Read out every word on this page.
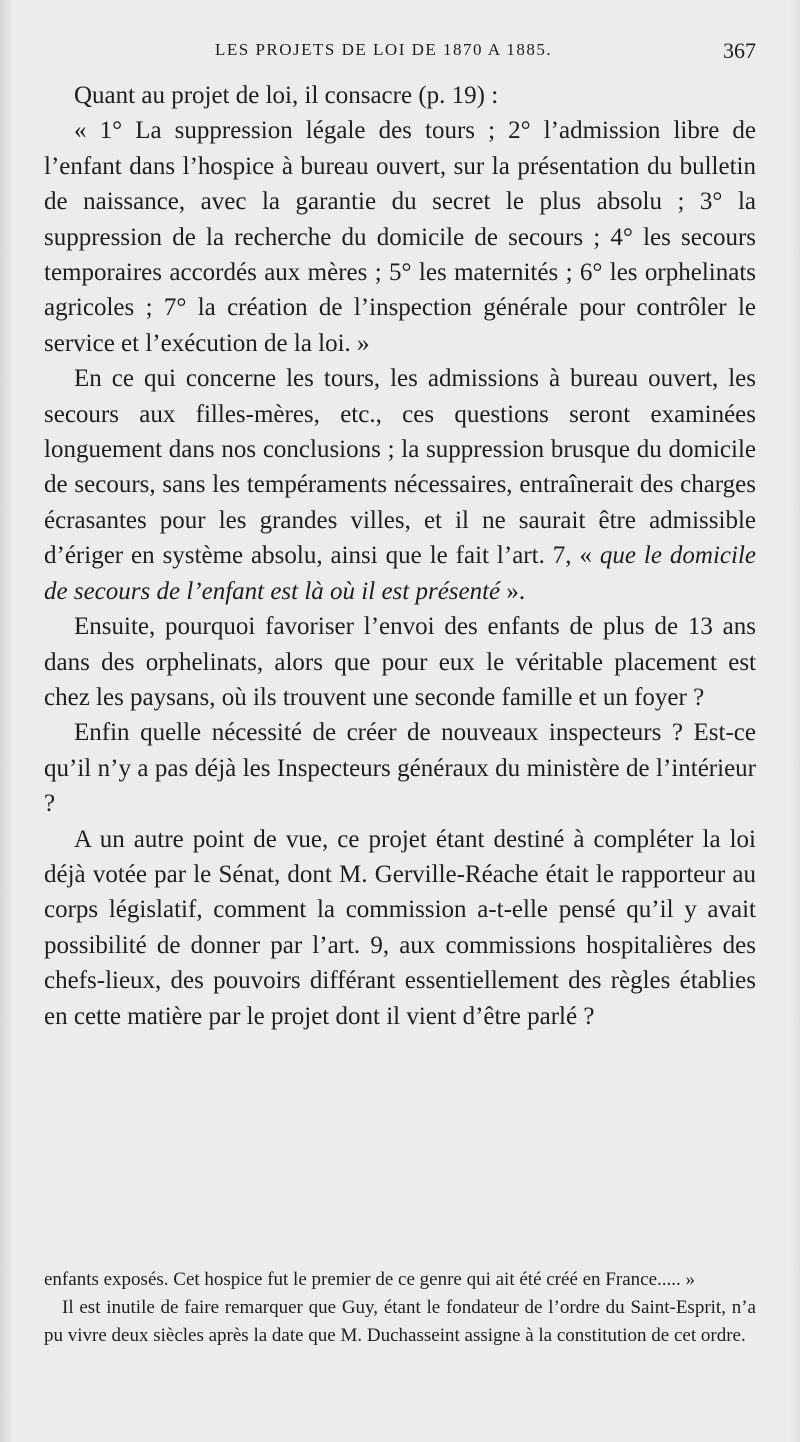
LES PROJETS DE LOI DE 1870 A 1885.	367

Quant au projet de loi, il consacre (p. 19) :

« 1° La suppression légale des tours ; 2° l’admission libre de l’enfant dans l’hospice à bureau ouvert, sur la présentation du bulletin de naissance, avec la garantie du secret le plus absolu ; 3° la suppression de la recherche du domicile de secours ; 4° les secours temporaires accordés aux mères ; 5° les maternités ; 6° les orphelinats agricoles ; 7° la création de l’inspection générale pour contrôler le service et l’exécution de la loi. »

En ce qui concerne les tours, les admissions à bureau ouvert, les secours aux filles-mères, etc., ces questions seront examinées longuement dans nos conclusions ; la suppression brusque du domicile de secours, sans les tempéraments nécessaires, entraînerait des charges écrasantes pour les grandes villes, et il ne saurait être admissible d’ériger en système absolu, ainsi que le fait l’art. 7, « que le domicile de secours de l’enfant est là où il est présenté ».

Ensuite, pourquoi favoriser l’envoi des enfants de plus de 13 ans dans des orphelinats, alors que pour eux le véritable placement est chez les paysans, où ils trouvent une seconde famille et un foyer ?

Enfin quelle nécessité de créer de nouveaux inspecteurs ? Est-ce qu’il n’y a pas déjà les Inspecteurs généraux du ministère de l’intérieur ?

A un autre point de vue, ce projet étant destiné à compléter la loi déjà votée par le Sénat, dont M. Gerville-Réache était le rapporteur au corps législatif, comment la commission a-t-elle pensé qu’il y avait possibilité de donner par l’art. 9, aux commissions hospitalières des chefs-lieux, des pouvoirs différant essentiellement des règles établies en cette matière par le projet dont il vient d’être parlé ?

enfants exposés. Cet hospice fut le premier de ce genre qui ait été créé en France..... »

Il est inutile de faire remarquer que Guy, étant le fondateur de l’ordre du Saint-Esprit, n’a pu vivre deux siècles après la date que M. Duchasseint assigne à la constitution de cet ordre.
